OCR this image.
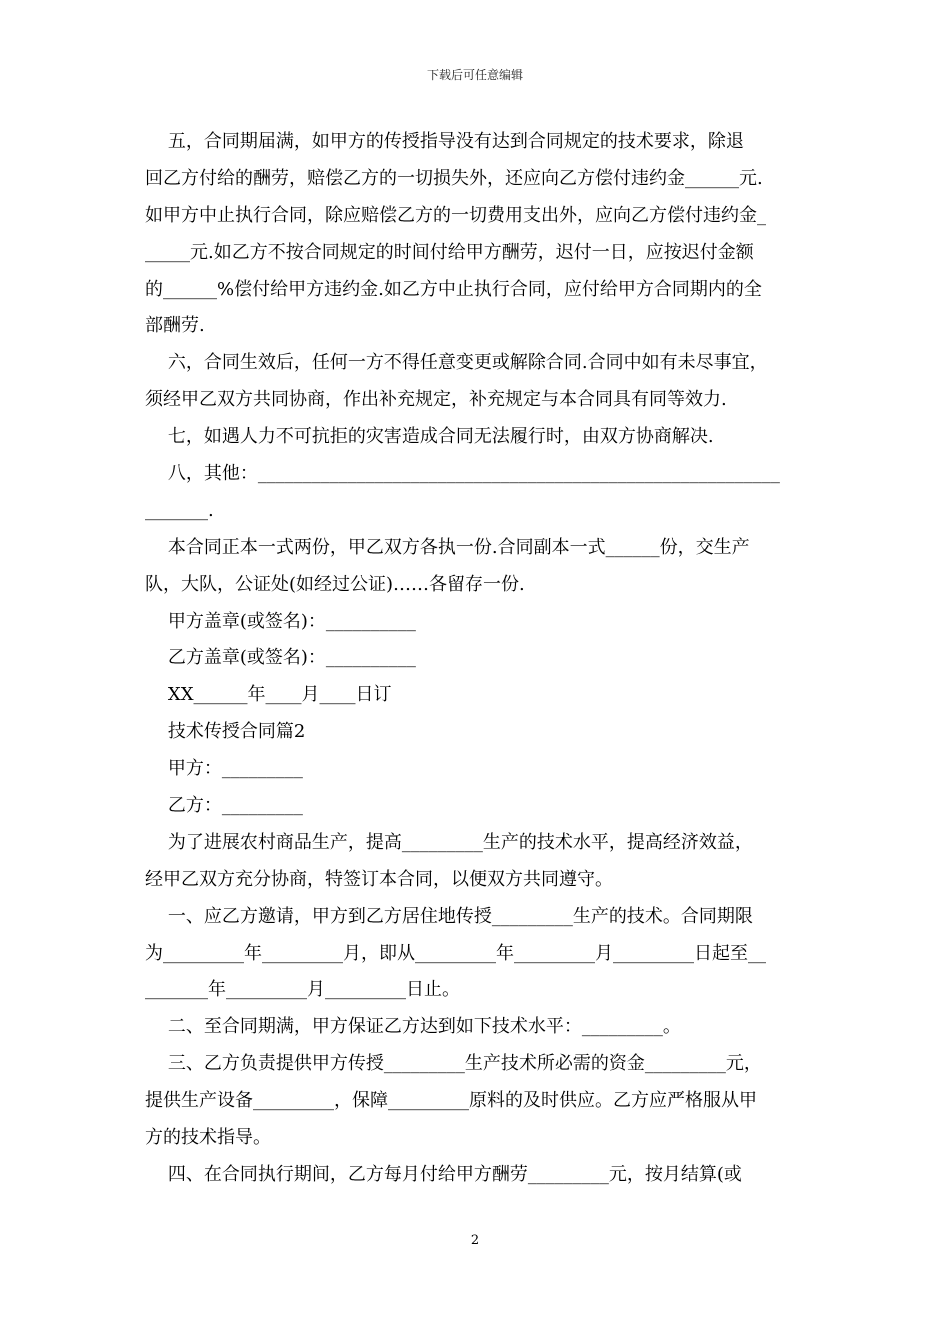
下载后可任意编辑
五，合同期届满，如甲方的传授指导没有达到合同规定的技术要求，除退
回乙方付给的酬劳，赔偿乙方的一切损失外，还应向乙方偿付违约金______元.
如甲方中止执行合同，除应赔偿乙方的一切费用支出外，应向乙方偿付违约金_
_____元.如乙方不按合同规定的时间付给甲方酬劳，迟付一日，应按迟付金额
的______%偿付给甲方违约金.如乙方中止执行合同，应付给甲方合同期内的全
部酬劳.
六，合同生效后，任何一方不得任意变更或解除合同.合同中如有未尽事宜，
须经甲乙双方共同协商，作出补充规定，补充规定与本合同具有同等效力.
七，如遇人力不可抗拒的灾害造成合同无法履行时，由双方协商解决.
八，其他：__________________________________________________________
_______.
本合同正本一式两份，甲乙双方各执一份.合同副本一式______份，交生产
队，大队，公证处(如经过公证)……各留存一份.
甲方盖章(或签名)：__________
乙方盖章(或签名)：__________
XX______年____月____日订
技术传授合同篇2
甲方：_________
乙方：_________
为了进展农村商品生产，提高_________生产的技术水平，提高经济效益，
经甲乙双方充分协商，特签订本合同，以便双方共同遵守。
一、应乙方邀请，甲方到乙方居住地传授_________生产的技术。合同期限
为_________年_________月，即从_________年_________月_________日起至__
_______年_________月_________日止。
二、至合同期满，甲方保证乙方达到如下技术水平：_________。
三、乙方负责提供甲方传授_________生产技术所必需的资金_________元，
提供生产设备_________，保障_________原料的及时供应。乙方应严格服从甲
方的技术指导。
四、在合同执行期间，乙方每月付给甲方酬劳_________元，按月结算(或
2
